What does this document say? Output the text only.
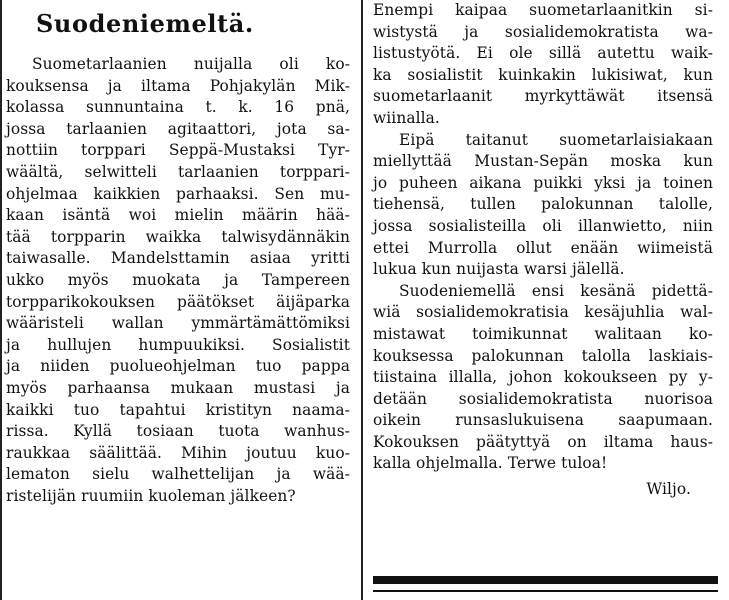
Suodeniemeltä.
Suometarlaanien nuijalla oli ko-
kouksensa ja iltama Pohjakylän Mik-
kolassa sunnuntaina t. k. 16 pnä,
jossa tarlaanien agitaattori, jota sa-
nottiin torppari Seppä-Mustaksi Tyr-
wäältä, selwitteli tarlaanien torppari-
ohjelmaa kaikkien parhaaksi. Sen mu-
kaan isäntä woi mielin määrin hää-
tää torpparin waikka talwisydännäkin
taiwasalle. Mandelsttamin asiaa yritti
ukko myös muokata ja Tampereen
torpparikokouksen päätökset äijäparka
wääristeli wallan ymmärtämättömiksi
ja hullujen humpuukiksi. Sosialistit
ja niiden puolueohjelman tuo pappa
myös parhaansa mukaan mustasi ja
kaikki tuo tapahtui kristityn naama-
rissa. Kyllä tosiaan tuota wanhus-
raukkaa säälittää. Mihin joutuu kuo-
lematon sielu walhettelijan ja wää-
ristelijän ruumiin kuoleman jälkeen?
Enempi kaipaa suometarlaanitkin si-
wistystä ja sosialidemokratista wa-
listustyötä. Ei ole sillä autettu waik-
ka sosialistit kuinkakin lukisiwat, kun
suometarlaanit myrkyttäwät itsensä
wiinalla.
Eipä taitanut suometarlaisiakaan
miellyttää Mustan-Sepän moska kun
jo puheen aikana puikki yksi ja toinen
tiehensä, tullen palokunnan talolle,
jossa sosialisteilla oli illanwietto, niin
ettei Murrolla ollut enään wiimeistä
lukua kun nuijasta warsi jälellä.
Suodeniemellä ensi kesänä pidettä-
wiä sosialidemokratisia kesäjuhlia wal-
mistawat toimikunnat walitaan ko-
kouksessa palokunnan talolla laskiais-
tiistaina illalla, johon kokoukseen py y-
detään sosialidemokratista nuorisoa
oikein runsaslukuisena saapumaan.
Kokouksen päätyttyä on iltama haus-
kalla ohjelmalla. Terwe tuloa!
Wiljo.
